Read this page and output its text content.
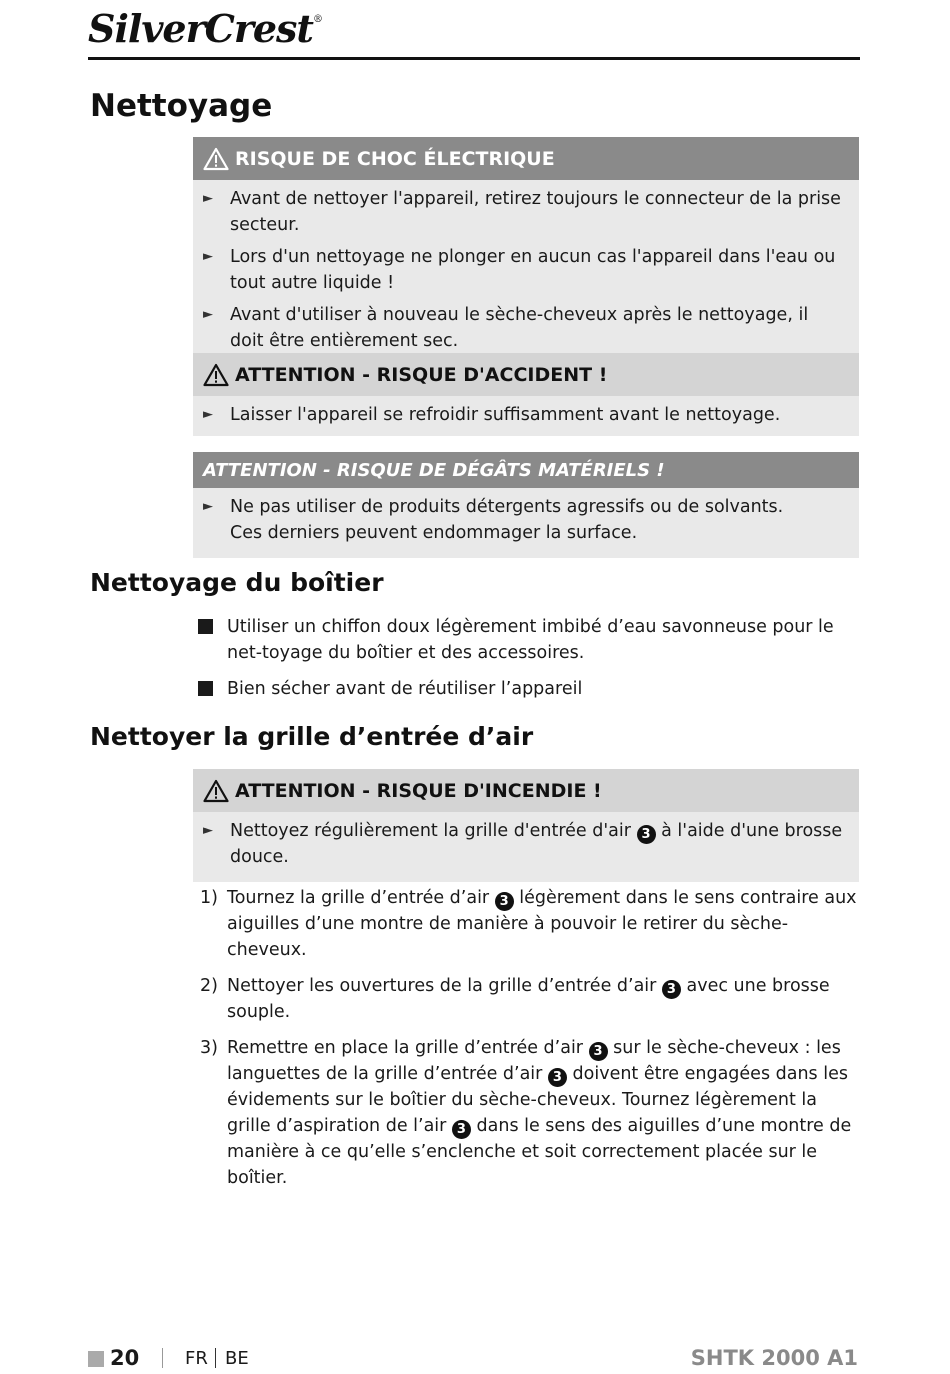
SilverCrest®
Nettoyage
RISQUE DE CHOC ÉLECTRIQUE
► Avant de nettoyer l'appareil, retirez toujours le connecteur de la prise secteur.
► Lors d'un nettoyage ne plonger en aucun cas l'appareil dans l'eau ou tout autre liquide !
► Avant d'utiliser à nouveau le sèche-cheveux après le nettoyage, il doit être entièrement sec.
ATTENTION - RISQUE D'ACCIDENT !
► Laisser l'appareil se refroidir suffisamment avant le nettoyage.
ATTENTION - RISQUE DE DÉGÂTS MATÉRIELS !
► Ne pas utiliser de produits détergents agressifs ou de solvants.
Ces derniers peuvent endommager la surface.
Nettoyage du boîtier
Utiliser un chiffon doux légèrement imbibé d’eau savonneuse pour le net-toyage du boîtier et des accessoires.
Bien sécher avant de réutiliser l’appareil
Nettoyer la grille d’entrée d’air
ATTENTION - RISQUE D'INCENDIE !
► Nettoyez régulièrement la grille d'entrée d'air 3 à l'aide d'une brosse douce.
1) Tournez la grille d’entrée d’air 3 légèrement dans le sens contraire aux aiguilles d’une montre de manière à pouvoir le retirer du sèche-cheveux.
2) Nettoyer les ouvertures de la grille d’entrée d’air 3 avec une brosse souple.
3) Remettre en place la grille d’entrée d’air 3 sur le sèche-cheveux : les languettes de la grille d’entrée d’air 3 doivent être engagées dans les évidements sur le boîtier du sèche-cheveux. Tournez légèrement la grille d’aspiration de l’air 3 dans le sens des aiguilles d’une montre de manière à ce qu’elle s’enclenche et soit correctement placée sur le boîtier.
20	FR BE	SHTK 2000 A1
